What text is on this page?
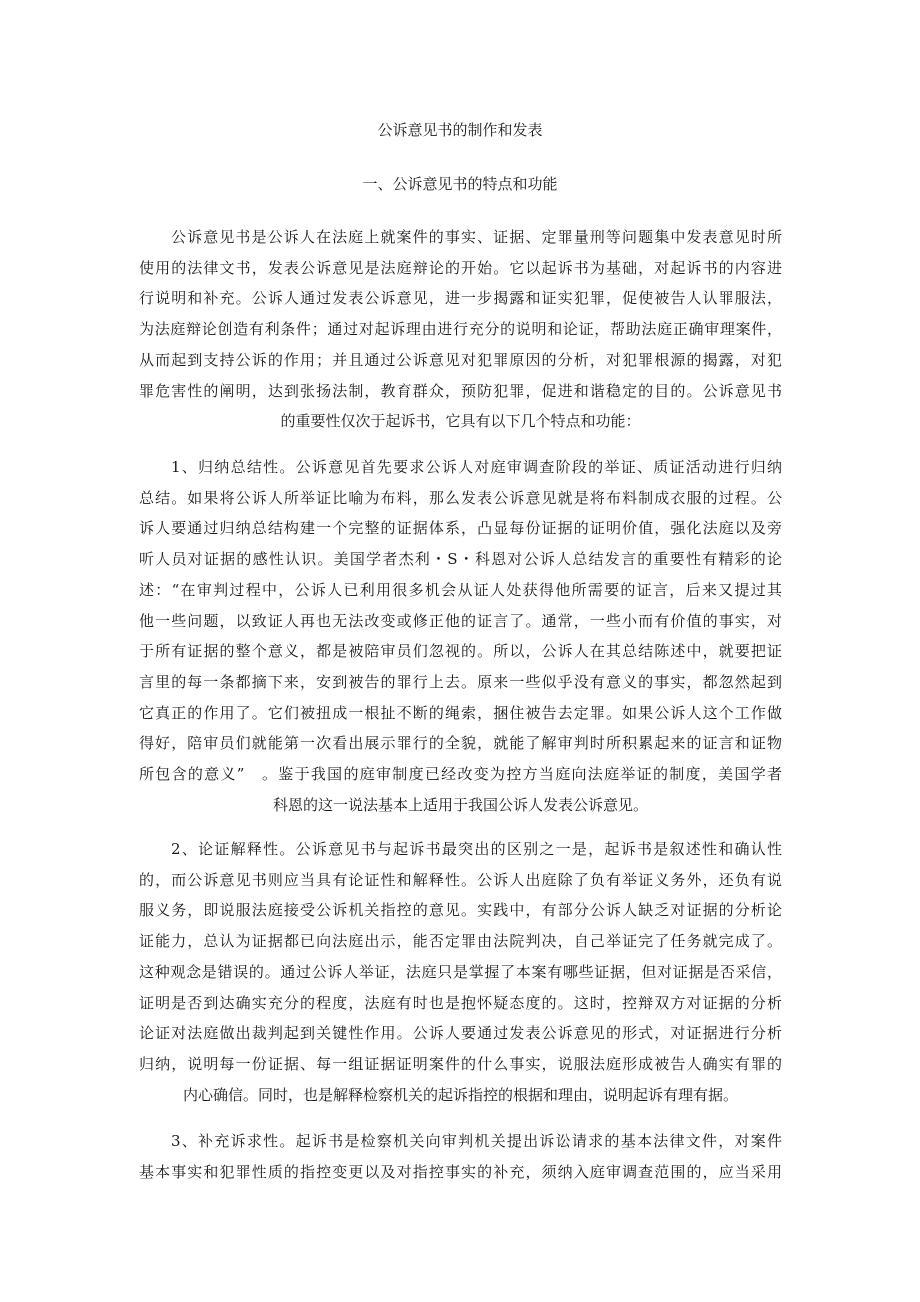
公诉意见书的制作和发表
一、公诉意见书的特点和功能
公诉意见书是公诉人在法庭上就案件的事实、证据、定罪量刑等问题集中发表意见时所
使用的法律文书，发表公诉意见是法庭辩论的开始。它以起诉书为基础，对起诉书的内容进
行说明和补充。公诉人通过发表公诉意见，进一步揭露和证实犯罪，促使被告人认罪服法，
为法庭辩论创造有利条件；通过对起诉理由进行充分的说明和论证，帮助法庭正确审理案件，
从而起到支持公诉的作用；并且通过公诉意见对犯罪原因的分析，对犯罪根源的揭露，对犯
罪危害性的阐明，达到张扬法制，教育群众，预防犯罪，促进和谐稳定的目的。公诉意见书
的重要性仅次于起诉书，它具有以下几个特点和功能：
1、归纳总结性。公诉意见首先要求公诉人对庭审调查阶段的举证、质证活动进行归纳
总结。如果将公诉人所举证比喻为布料，那么发表公诉意见就是将布料制成衣服的过程。公
诉人要通过归纳总结构建一个完整的证据体系，凸显每份证据的证明价值，强化法庭以及旁
听人员对证据的感性认识。美国学者杰利・S・科恩对公诉人总结发言的重要性有精彩的论
述：“在审判过程中，公诉人已利用很多机会从证人处获得他所需要的证言，后来又提过其
他一些问题，以致证人再也无法改变或修正他的证言了。通常，一些小而有价值的事实，对
于所有证据的整个意义，都是被陪审员们忽视的。所以，公诉人在其总结陈述中，就要把证
言里的每一条都摘下来，安到被告的罪行上去。原来一些似乎没有意义的事实，都忽然起到
它真正的作用了。它们被扭成一根扯不断的绳索，捆住被告去定罪。如果公诉人这个工作做
得好，陪审员们就能第一次看出展示罪行的全貌，就能了解审判时所积累起来的证言和证物
所包含的意义”　。鉴于我国的庭审制度已经改变为控方当庭向法庭举证的制度，美国学者
科恩的这一说法基本上适用于我国公诉人发表公诉意见。
2、论证解释性。公诉意见书与起诉书最突出的区别之一是，起诉书是叙述性和确认性
的，而公诉意见书则应当具有论证性和解释性。公诉人出庭除了负有举证义务外，还负有说
服义务，即说服法庭接受公诉机关指控的意见。实践中，有部分公诉人缺乏对证据的分析论
证能力，总认为证据都已向法庭出示，能否定罪由法院判决，自己举证完了任务就完成了。
这种观念是错误的。通过公诉人举证，法庭只是掌握了本案有哪些证据，但对证据是否采信，
证明是否到达确实充分的程度，法庭有时也是抱怀疑态度的。这时，控辩双方对证据的分析
论证对法庭做出裁判起到关键性作用。公诉人要通过发表公诉意见的形式，对证据进行分析
归纳，说明每一份证据、每一组证据证明案件的什么事实，说服法庭形成被告人确实有罪的
内心确信。同时，也是解释检察机关的起诉指控的根据和理由，说明起诉有理有据。
3、补充诉求性。起诉书是检察机关向审判机关提出诉讼请求的基本法律文件，对案件
基本事实和犯罪性质的指控变更以及对指控事实的补充，须纳入庭审调查范围的，应当采用
